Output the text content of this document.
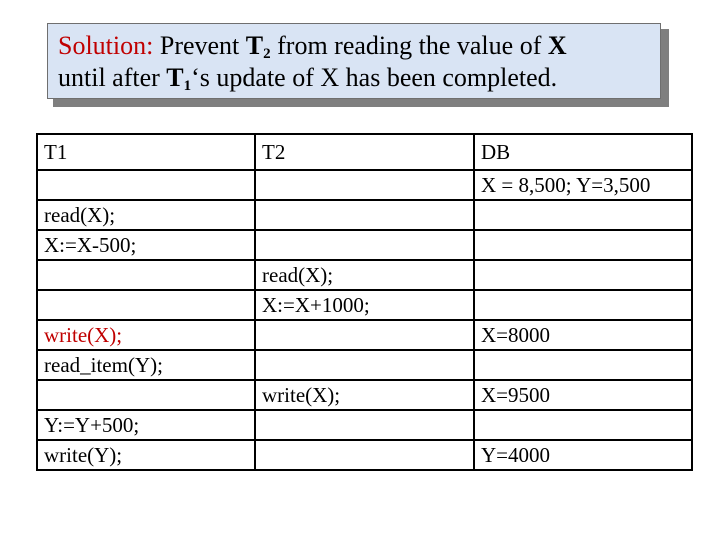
Solution: Prevent $T_2$ from reading the value of X
until after $T_1‘s$ update of X has been completed.
T1	T2	DB
		X = 8,500; Y=3,500
read(X);		
X:=X-500;		
	read(X);	
	X:=X+1000;	
write(X);		X=8000
read_item(Y);		
	write(X);	X=9500
Y:=Y+500;		
write(Y);		Y=4000
